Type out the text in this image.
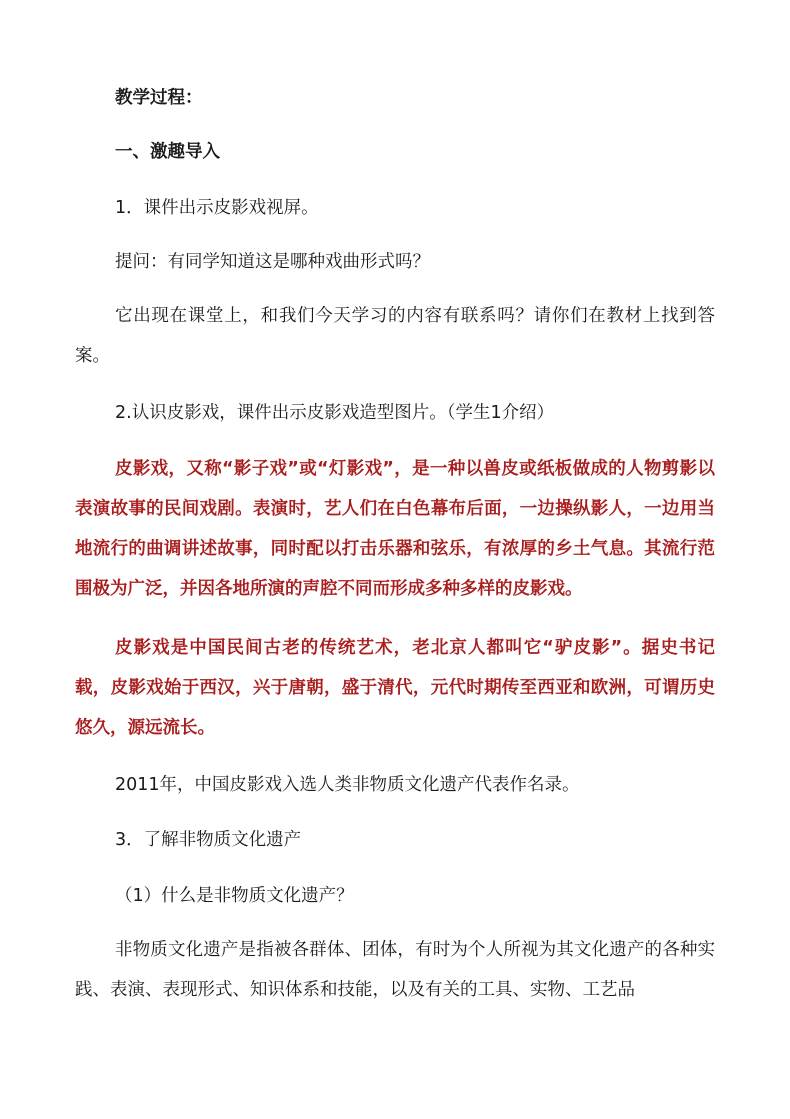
教学过程：

一、激趣导入

1．课件出示皮影戏视屏。

提问：有同学知道这是哪种戏曲形式吗？

它出现在课堂上，和我们今天学习的内容有联系吗？请你们在教材上找到答案。

2.认识皮影戏，课件出示皮影戏造型图片。（学生1介绍）

皮影戏，又称“影子戏”或“灯影戏”，是一种以兽皮或纸板做成的人物剪影以表演故事的民间戏剧。表演时，艺人们在白色幕布后面，一边操纵影人，一边用当地流行的曲调讲述故事，同时配以打击乐器和弦乐，有浓厚的乡土气息。其流行范围极为广泛，并因各地所演的声腔不同而形成多种多样的皮影戏。

皮影戏是中国民间古老的传统艺术，老北京人都叫它“驴皮影”。据史书记载，皮影戏始于西汉，兴于唐朝，盛于清代，元代时期传至西亚和欧洲，可谓历史悠久，源远流长。

2011年，中国皮影戏入选人类非物质文化遗产代表作名录。

3．了解非物质文化遗产

（1）什么是非物质文化遗产？

非物质文化遗产是指被各群体、团体，有时为个人所视为其文化遗产的各种实践、表演、表现形式、知识体系和技能，以及有关的工具、实物、工艺品
